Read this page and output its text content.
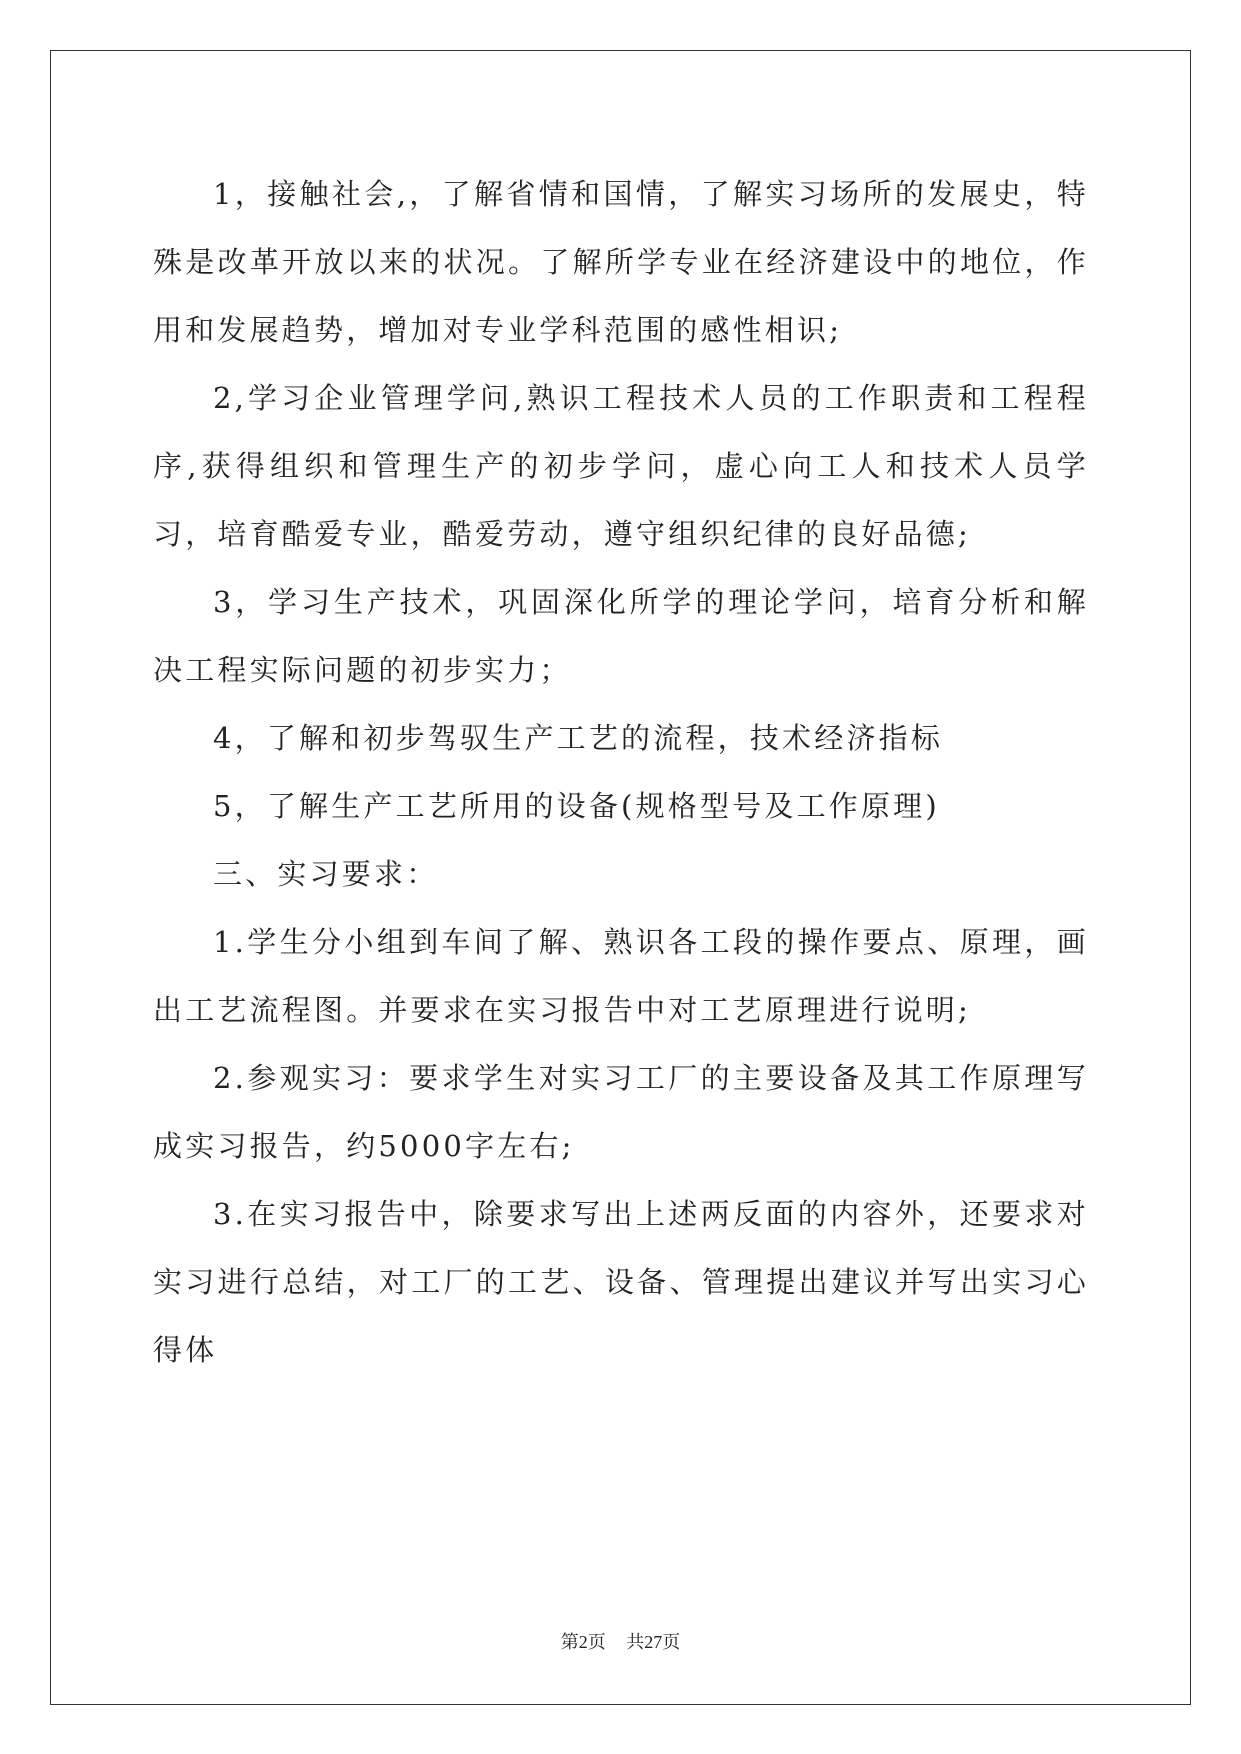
1，接触社会,，了解省情和国情，了解实习场所的发展史，特殊是改革开放以来的状况。了解所学专业在经济建设中的地位，作用和发展趋势，增加对专业学科范围的感性相识;

2,学习企业管理学问,熟识工程技术人员的工作职责和工程程序,获得组织和管理生产的初步学问，虚心向工人和技术人员学习，培育酷爱专业，酷爱劳动，遵守组织纪律的良好品德;

3，学习生产技术，巩固深化所学的理论学问，培育分析和解决工程实际问题的初步实力；

4，了解和初步驾驭生产工艺的流程，技术经济指标

5，了解生产工艺所用的设备(规格型号及工作原理)

三、实习要求：

1.学生分小组到车间了解、熟识各工段的操作要点、原理，画出工艺流程图。并要求在实习报告中对工艺原理进行说明;

2.参观实习：要求学生对实习工厂的主要设备及其工作原理写成实习报告，约5000字左右;

3.在实习报告中，除要求写出上述两反面的内容外，还要求对实习进行总结，对工厂的工艺、设备、管理提出建议并写出实习心得体

第2页 共27页
